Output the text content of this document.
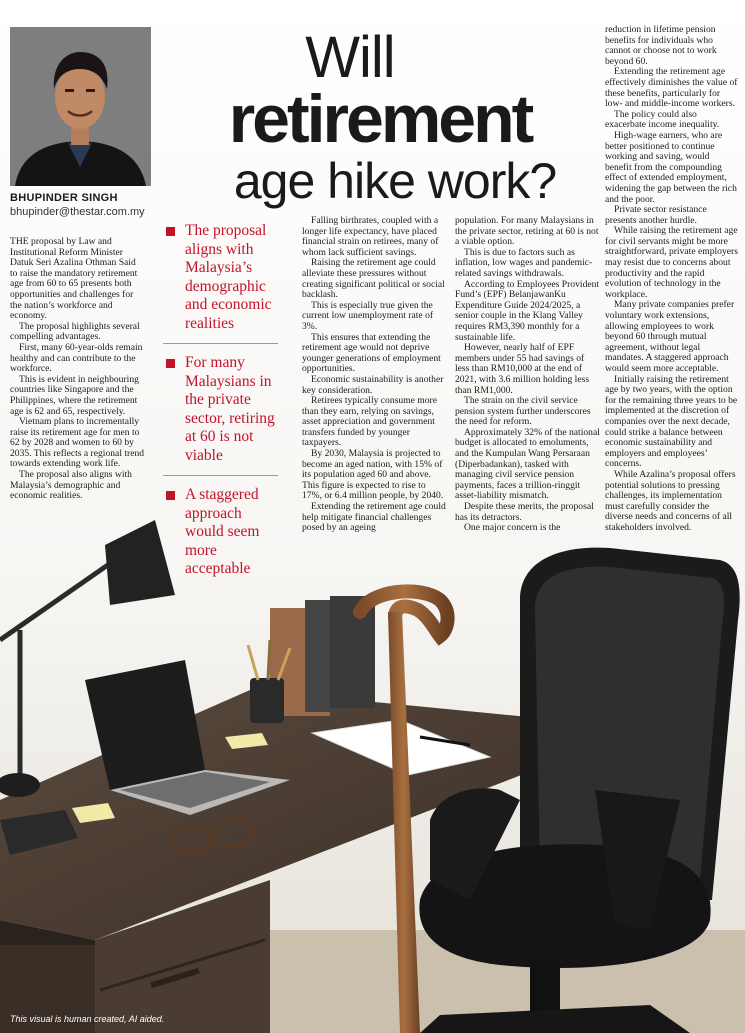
BHUPINDER SINGH
bhupinder@thestar.com.my
Will
retirement
age hike work?

THE proposal by Law and Institutional Reform Minister Datuk Seri Azalina Othman Said to raise the mandatory retirement age from 60 to 65 presents both opportunities and challenges for the nation’s workforce and economy.

The proposal highlights several compelling advantages.

First, many 60-year-olds remain healthy and can contribute to the workforce.

This is evident in neighbouring countries like Singapore and the Philippines, where the retirement age is 62 and 65, respectively.

Vietnam plans to incrementally raise its retirement age for men to 62 by 2028 and women to 60 by 2035. This reflects a regional trend towards extending work life.

The proposal also aligns with Malaysia’s demographic and economic realities.

The proposal aligns with Malaysia’s demographic and economic realities
For many Malaysians in the private sector, retiring at 60 is not viable
A staggered approach would seem more acceptable

Falling birthrates, coupled with a longer life expectancy, have placed financial strain on retirees, many of whom lack sufficient savings.

Raising the retirement age could alleviate these pressures without creating significant political or social backlash.

This is especially true given the current low unemployment rate of 3%.

This ensures that extending the retirement age would not deprive younger generations of employment opportunities.

Economic sustainability is another key consideration.

Retirees typically consume more than they earn, relying on savings, asset appreciation and government transfers funded by younger taxpayers.

By 2030, Malaysia is projected to become an aged nation, with 15% of its population aged 60 and above. This figure is expected to rise to 17%, or 6.4 million people, by 2040.

Extending the retirement age could help mitigate financial challenges posed by an ageing

population. For many Malaysians in the private sector, retiring at 60 is not a viable option.

This is due to factors such as inflation, low wages and pandemic-related savings withdrawals.

According to Employees Provident Fund’s (EPF) BelanjawanKu Expenditure Guide 2024/2025, a senior couple in the Klang Valley requires RM3,390 monthly for a sustainable life.

However, nearly half of EPF members under 55 had savings of less than RM10,000 at the end of 2021, with 3.6 million holding less than RM1,000.

The strain on the civil service pension system further underscores the need for reform.

Approximately 32% of the national budget is allocated to emoluments, and the Kumpulan Wang Persaraan (Diperbadankan), tasked with managing civil service pension payments, faces a trillion-ringgit asset-liability mismatch.

Despite these merits, the proposal has its detractors.

One major concern is the

reduction in lifetime pension benefits for individuals who cannot or choose not to work beyond 60.

Extending the retirement age effectively diminishes the value of these benefits, particularly for low- and middle-income workers.

The policy could also exacerbate income inequality.

High-wage earners, who are better positioned to continue working and saving, would benefit from the compounding effect of extended employment, widening the gap between the rich and the poor.

Private sector resistance presents another hurdle.

While raising the retirement age for civil servants might be more straightforward, private employers may resist due to concerns about productivity and the rapid evolution of technology in the workplace.

Many private companies prefer voluntary work extensions, allowing employees to work beyond 60 through mutual agreement, without legal mandates. A staggered approach would seem more acceptable.

Initially raising the retirement age by two years, with the option for the remaining three years to be implemented at the discretion of companies over the next decade, could strike a balance between economic sustainability and employers and employees’ concerns.

While Azalina’s proposal offers potential solutions to pressing challenges, its implementation must carefully consider the diverse needs and concerns of all stakeholders involved.

This visual is human created, AI aided.
